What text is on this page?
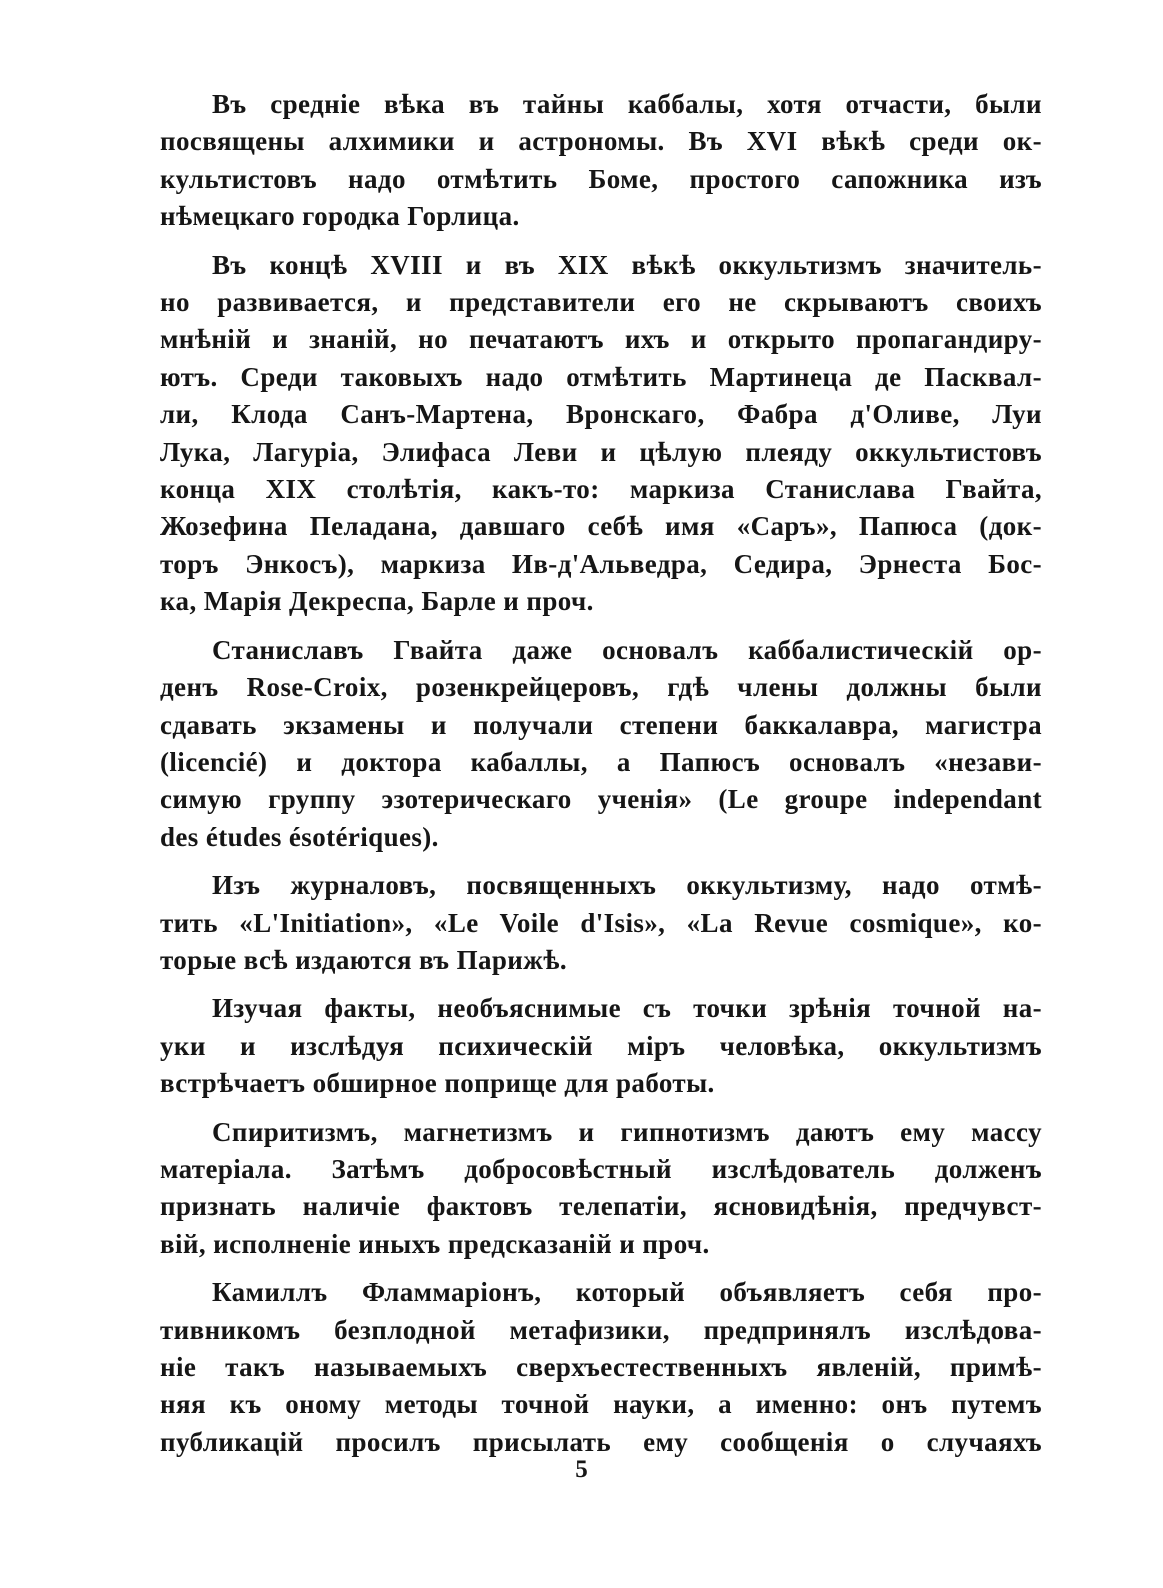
Въ средніе вѣка въ тайны каббалы, хотя отчасти, были
посвящены алхимики и астрономы. Въ XVI вѣкѣ среди ок-
культистовъ надо отмѣтить Боме, простого сапожника изъ
нѣмецкаго городка Горлица.

Въ концѣ XVIII и въ XIX вѣкѣ оккультизмъ значитель-
но развивается, и представители его не скрываютъ своихъ
мнѣній и знаній, но печатаютъ ихъ и открыто пропагандиру-
ютъ. Среди таковыхъ надо отмѣтить Мартинеца де Пасквал-
ли, Клода Санъ-Мартена, Вронскаго, Фабра д'Оливе, Луи
Лука, Лагуріа, Элифаса Леви и цѣлую плеяду оккультистовъ
конца XIX столѣтія, какъ-то: маркиза Станислава Гвайта,
Жозефина Пеладана, давшаго себѣ имя «Саръ», Папюса (док-
торъ Энкосъ), маркиза Ив-д'Альведра, Седира, Эрнеста Бос-
ка, Марія Декреспа, Барле и проч.

Станиславъ Гвайта даже основалъ каббалистическій ор-
денъ Rose-Croix, розенкрейцеровъ, гдѣ члены должны были
сдавать экзамены и получали степени баккалавра, магистра
(licencié) и доктора кабаллы, а Папюсъ основалъ «незави-
симую группу эзотерическаго ученія» (Le groupe independant
des études ésotériques).

Изъ журналовъ, посвященныхъ оккультизму, надо отмѣ-
тить «L'Initiation», «Le Voile d'Isis», «La Revue cosmique», ко-
торые всѣ издаются въ Парижѣ.

Изучая факты, необъяснимые съ точки зрѣнія точной на-
уки и изслѣдуя психическій міръ человѣка, оккультизмъ
встрѣчаетъ обширное поприще для работы.

Спиритизмъ, магнетизмъ и гипнотизмъ даютъ ему массу
матеріала. Затѣмъ добросовѣстный изслѣдователь долженъ
признать наличіе фактовъ телепатіи, ясновидѣнія, предчувст-
вій, исполненіе иныхъ предсказаній и проч.

Камиллъ Фламмаріонъ, который объявляетъ себя про-
тивникомъ безплодной метафизики, предпринялъ изслѣдова-
ніе такъ называемыхъ сверхъестественныхъ явленій, примѣ-
няя къ оному методы точной науки, а именно: онъ путемъ
публикацій просилъ присылать ему сообщенія о случаяхъ

5
